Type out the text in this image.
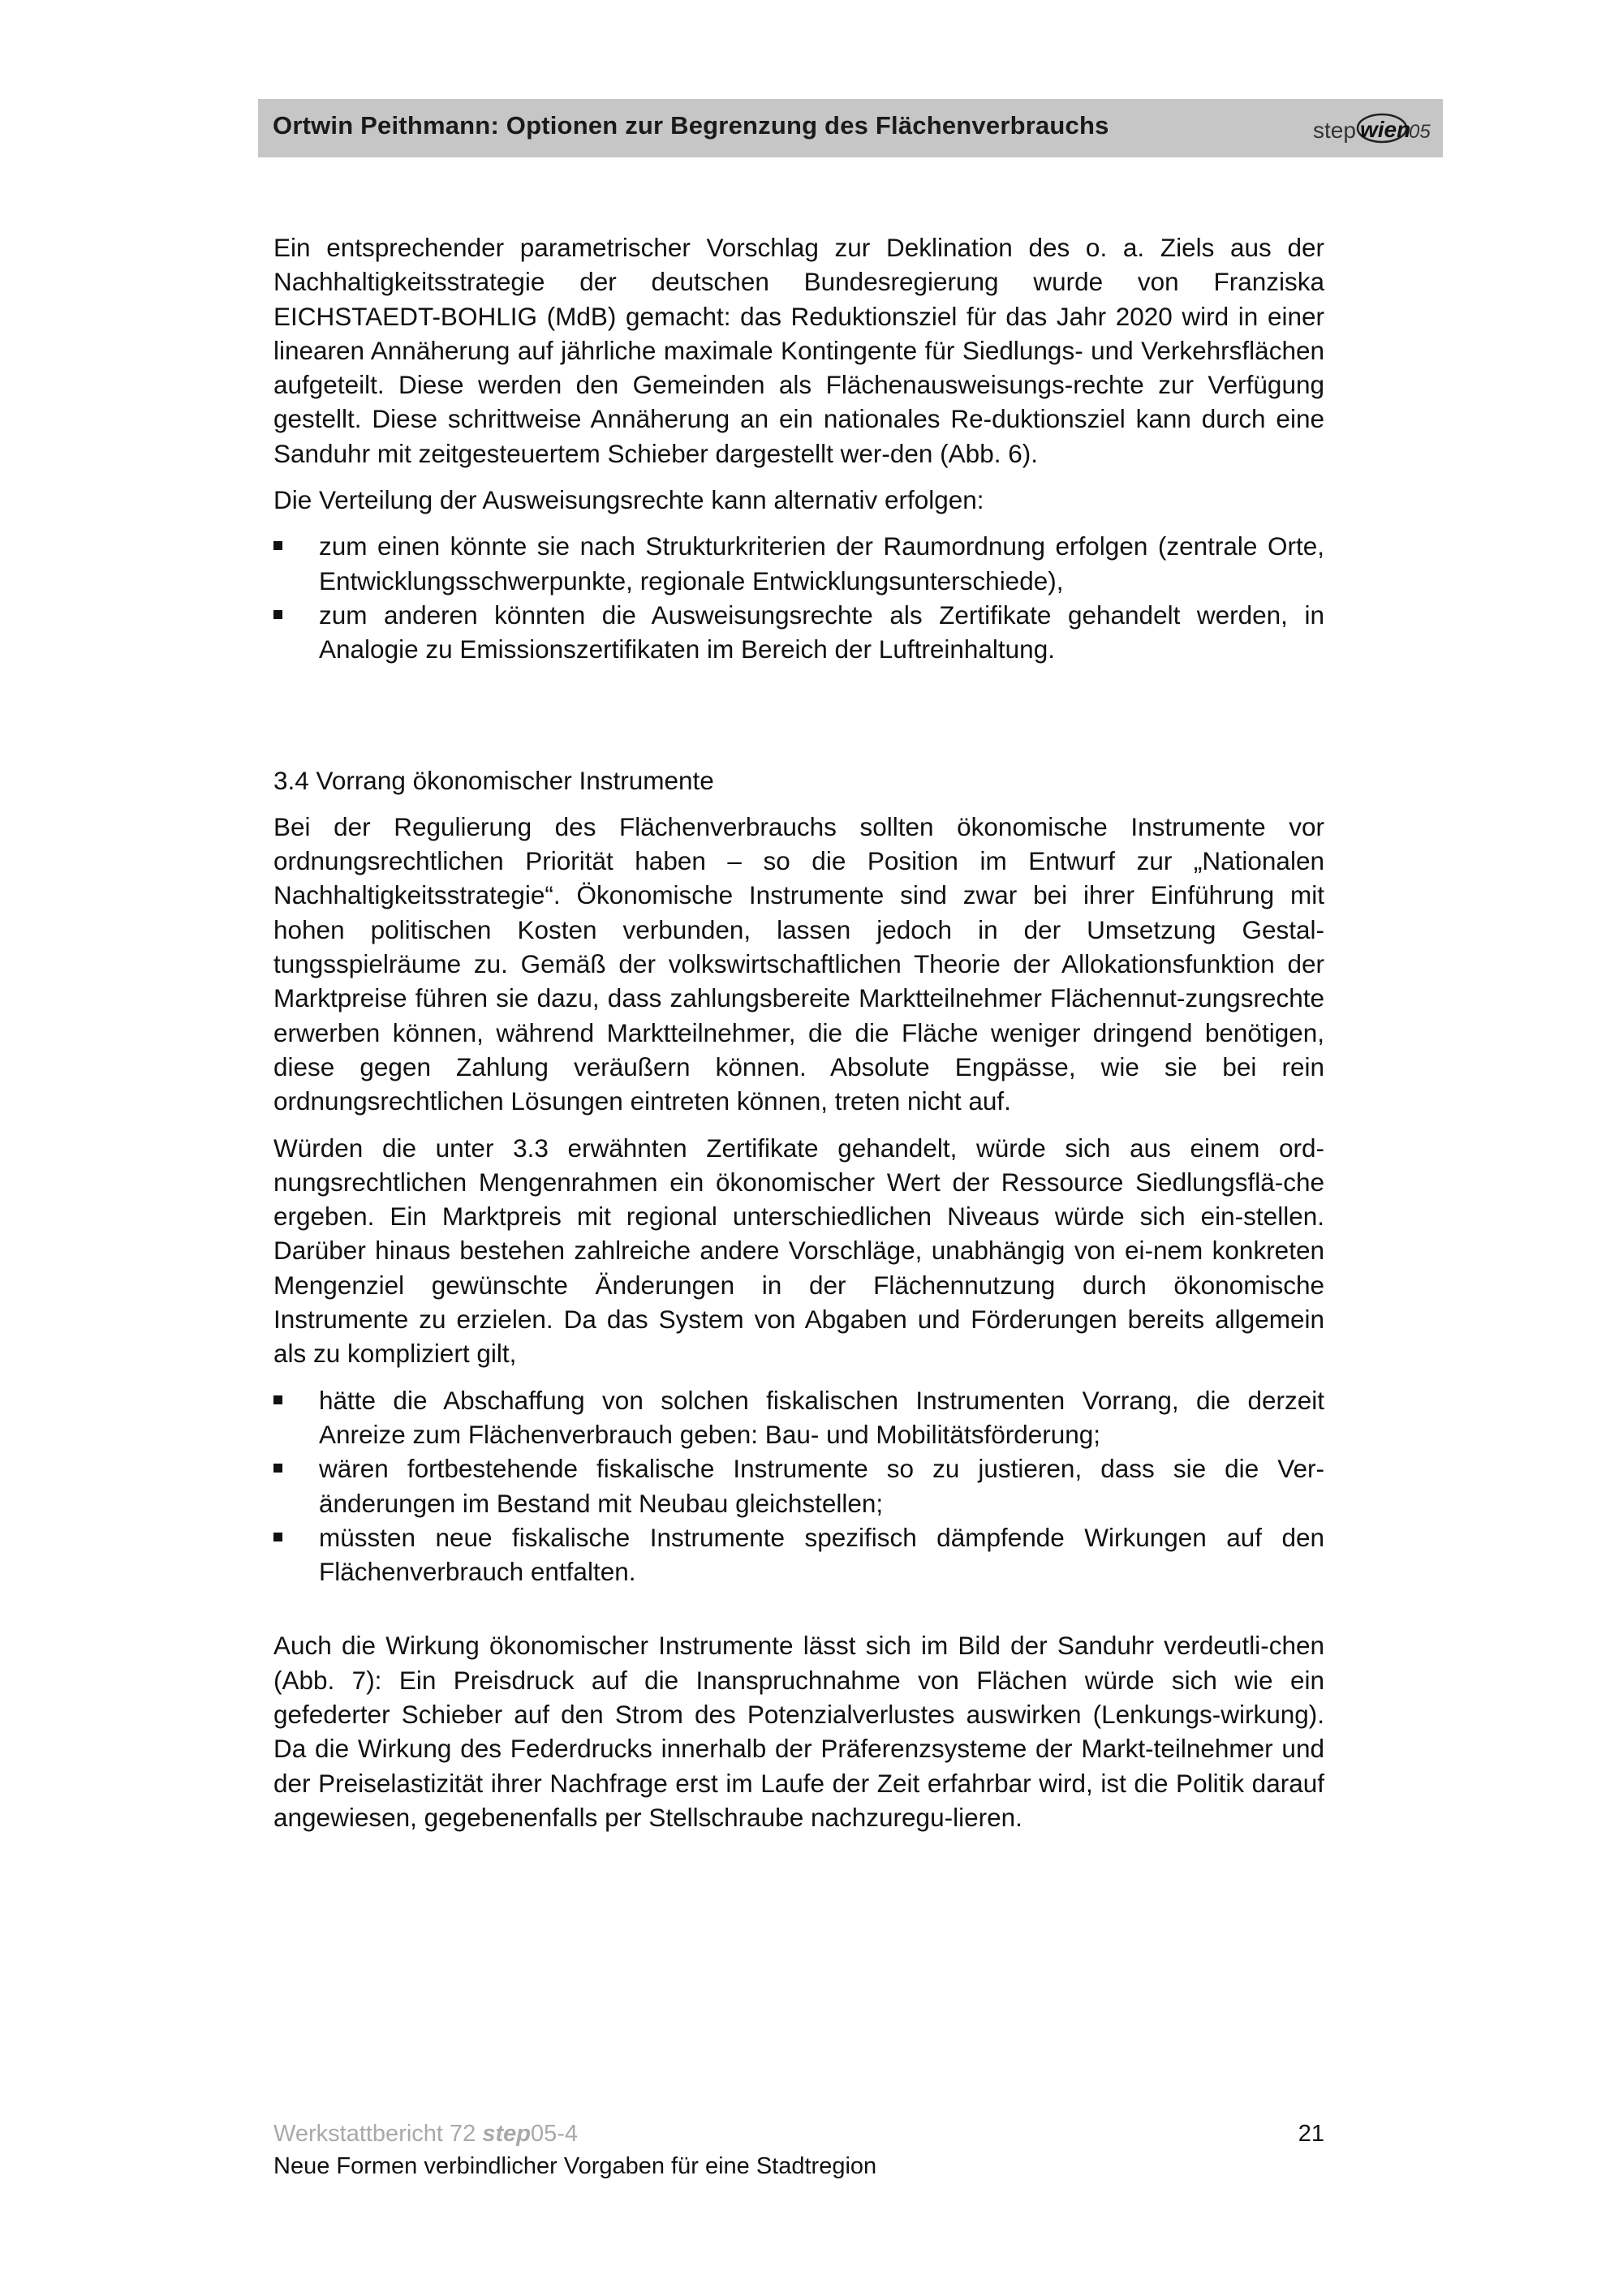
Ortwin Peithmann: Optionen zur Begrenzung des Flächenverbrauchs	step wien
05

Ein entsprechender parametrischer Vorschlag zur Deklination des o. a. Ziels aus der Nachhaltigkeitsstrategie der deutschen Bundesregierung wurde von Franziska EICHSTAEDT-BOHLIG (MdB) gemacht: das Reduktionsziel für das Jahr 2020 wird in einer linearen Annäherung auf jährliche maximale Kontingente für Siedlungs- und Verkehrsflächen aufgeteilt. Diese werden den Gemeinden als Flächenausweisungs-rechte zur Verfügung gestellt. Diese schrittweise Annäherung an ein nationales Re-duktionsziel kann durch eine Sanduhr mit zeitgesteuertem Schieber dargestellt wer-den (Abb. 6).

Die Verteilung der Ausweisungsrechte kann alternativ erfolgen:

zum einen könnte sie nach Strukturkriterien der Raumordnung erfolgen (zentrale Orte, Entwicklungsschwerpunkte, regionale Entwicklungsunterschiede),
zum anderen könnten die Ausweisungsrechte als Zertifikate gehandelt werden, in Analogie zu Emissionszertifikaten im Bereich der Luftreinhaltung.
3.4 Vorrang ökonomischer Instrumente

Bei der Regulierung des Flächenverbrauchs sollten ökonomische Instrumente vor ordnungsrechtlichen Priorität haben – so die Position im Entwurf zur „Nationalen Nachhaltigkeitsstrategie“. Ökonomische Instrumente sind zwar bei ihrer Einführung mit hohen politischen Kosten verbunden, lassen jedoch in der Umsetzung Gestal-tungsspielräume zu. Gemäß der volkswirtschaftlichen Theorie der Allokationsfunktion der Marktpreise führen sie dazu, dass zahlungsbereite Marktteilnehmer Flächennut-zungsrechte erwerben können, während Marktteilnehmer, die die Fläche weniger dringend benötigen, diese gegen Zahlung veräußern können. Absolute Engpässe, wie sie bei rein ordnungsrechtlichen Lösungen eintreten können, treten nicht auf.

Würden die unter 3.3 erwähnten Zertifikate gehandelt, würde sich aus einem ord-nungsrechtlichen Mengenrahmen ein ökonomischer Wert der Ressource Siedlungsflä-che ergeben. Ein Marktpreis mit regional unterschiedlichen Niveaus würde sich ein-stellen. Darüber hinaus bestehen zahlreiche andere Vorschläge, unabhängig von ei-nem konkreten Mengenziel gewünschte Änderungen in der Flächennutzung durch ökonomische Instrumente zu erzielen. Da das System von Abgaben und Förderungen bereits allgemein als zu kompliziert gilt,

hätte die Abschaffung von solchen fiskalischen Instrumenten Vorrang, die derzeit Anreize zum Flächenverbrauch geben: Bau- und Mobilitätsförderung;
wären fortbestehende fiskalische Instrumente so zu justieren, dass sie die Ver-änderungen im Bestand mit Neubau gleichstellen;
müssten neue fiskalische Instrumente spezifisch dämpfende Wirkungen auf den Flächenverbrauch entfalten.

Auch die Wirkung ökonomischer Instrumente lässt sich im Bild der Sanduhr verdeutli-chen (Abb. 7): Ein Preisdruck auf die Inanspruchnahme von Flächen würde sich wie ein gefederter Schieber auf den Strom des Potenzialverlustes auswirken (Lenkungs-wirkung). Da die Wirkung des Federdrucks innerhalb der Präferenzsysteme der Markt-teilnehmer und der Preiselastizität ihrer Nachfrage erst im Laufe der Zeit erfahrbar wird, ist die Politik darauf angewiesen, gegebenenfalls per Stellschraube nachzuregu-lieren.

Werkstattbericht 72 step05-4	21
Neue Formen verbindlicher Vorgaben für eine Stadtregion
